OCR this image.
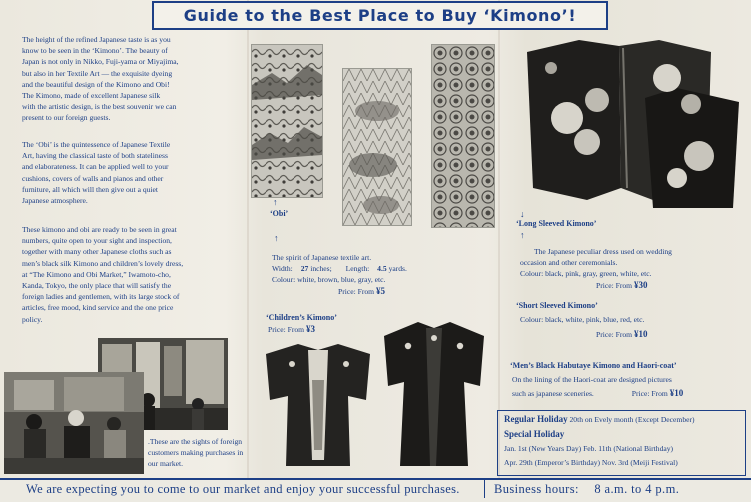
Guide to the Best Place to Buy ‘Kimono’!
The height of the refined Japanese taste is as you
know to be seen in the ‘Kimono’. The beauty of
Japan is not only in Nikko, Fuji-yama or Miyajima,
but also in her Textile Art — the exquisite dyeing
and the beautiful design of the Kimono and Obi!
The Kimono, made of excellent Japanese silk
with the artistic design, is the best souvenir we can
present to our foreign guests.
The ‘Obi’ is the quintessence of Japanese Textile
Art, having the classical taste of both stateliness
and elaborateness. It can be applied well to your
cushions, covers of walls and pianos and other
furniture, all which will then give out a quiet
Japanese atmosphere.
These kimono and obi are ready to be seen in great
numbers, quite open to your sight and inspection,
together with many other Japanese cloths such as
men’s black silk Kimono and children’s lovely dress,
at “The Kimono and Obi Market,” Iwamoto-cho,
Kanda, Tokyo, the only place that will satisfy the
foreign ladies and gentlemen, with its large stock of
articles, free mood, kind service and the one price
policy.
.These are the sights of foreign
customers making purchases in
our market.
↑
‘Obi’
↑
The spirit of Japanese textile art.
Width: 27 inches; Length: 4.5 yards.
Colour: white, brown, blue, gray, etc.
Price: From ¥5
‘Children’s Kimono’
Price: From ¥3
↓
‘Long Sleeved Kimono’
↑
The Japanese peculiar dress used on wedding
occasion and other ceremonials.
Colour: black, pink, gray, green, white, etc.
Price: From ¥30
‘Short Sleeved Kimono’
Colour: black, white, pink, blue, red, etc.
Price: From ¥10
‘Men’s Black Habutaye Kimono and Haori-coat’
On the lining of the Haori-coat are designed pictures
such as japanese sceneries.	Price: From ¥10
Regular Holiday 20th on Evely month (Except December)
Special Holiday
Jan. 1st (New Years Day) Feb. 11th (National Birthday)
Apr. 29th (Emperor’s Birthday) Nov. 3rd (Meiji Festival)
We are expecting you to come to our market and enjoy your successful purchases.	Business hours: 8 a.m. to 4 p.m.
